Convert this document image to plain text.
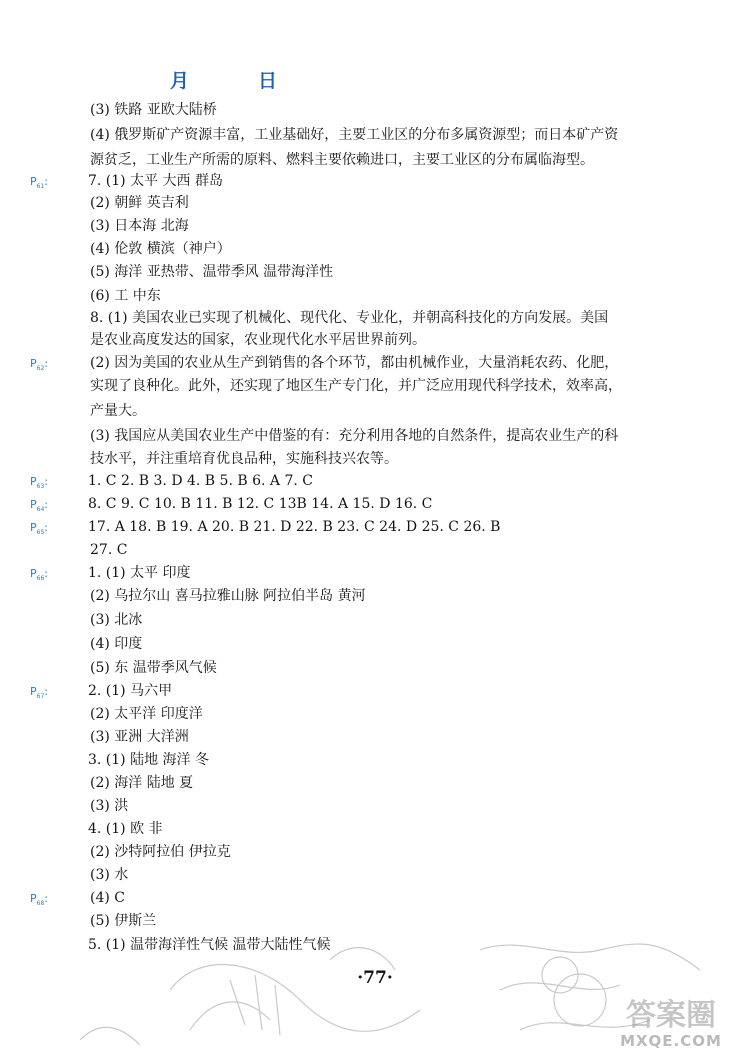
月	日
(3) 铁路 亚欧大陆桥
(4) 俄罗斯矿产资源丰富，工业基础好，主要工业区的分布多属资源型；而日本矿产资
源贫乏，工业生产所需的原料、燃料主要依赖进口，主要工业区的分布属临海型。
7. (1) 太平 大西 群岛
(2) 朝鲜 英吉利
(3) 日本海 北海
(4) 伦敦 横滨（神户）
(5) 海洋 亚热带、温带季风 温带海洋性
(6) 工 中东
8. (1) 美国农业已实现了机械化、现代化、专业化，并朝高科技化的方向发展。美国
是农业高度发达的国家，农业现代化水平居世界前列。
(2) 因为美国的农业从生产到销售的各个环节，都由机械作业，大量消耗农药、化肥，
实现了良种化。此外，还实现了地区生产专门化，并广泛应用现代科学技术，效率高，
产量大。
(3) 我国应从美国农业生产中借鉴的有：充分利用各地的自然条件，提高农业生产的科
技水平，并注重培育优良品种，实施科技兴农等。
1. C 2. B 3. D 4. B 5. B 6. A 7. C
8. C 9. C 10. B 11. B 12. C 13B 14. A 15. D 16. C
17. A 18. B 19. A 20. B 21. D 22. B 23. C 24. D 25. C 26. B
27. C
1. (1) 太平 印度
(2) 乌拉尔山 喜马拉雅山脉 阿拉伯半岛 黄河
(3) 北冰
(4) 印度
(5) 东 温带季风气候
2. (1) 马六甲
(2) 太平洋 印度洋
(3) 亚洲 大洋洲
3. (1) 陆地 海洋 冬
(2) 海洋 陆地 夏
(3) 洪
4. (1) 欧 非
(2) 沙特阿拉伯 伊拉克
(3) 水
(4) C
(5) 伊斯兰
5. (1) 温带海洋性气候 温带大陆性气候
$P_{61}$:
$P_{62}$:
$P_{63}$:
$P_{64}$:
$P_{65}$:
$P_{66}$:
$P_{67}$:
$P_{68}$:
·77·
答案圈
MXQE.COM
